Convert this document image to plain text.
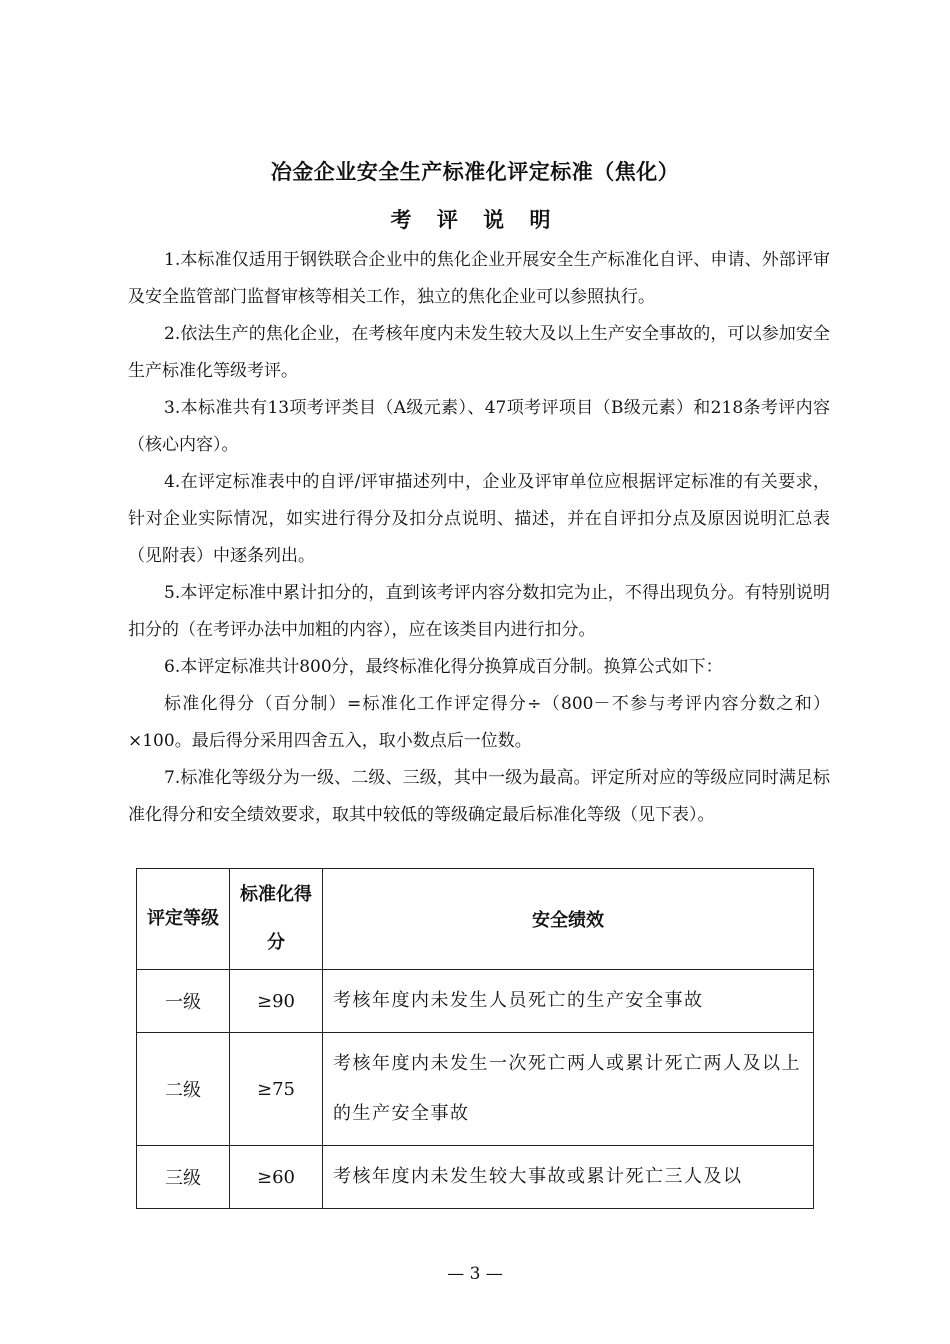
冶金企业安全生产标准化评定标准（焦化）
考 评 说 明

1.本标准仅适用于钢铁联合企业中的焦化企业开展安全生产标准化自评、申请、外部评审及安全监管部门监督审核等相关工作，独立的焦化企业可以参照执行。

2.依法生产的焦化企业，在考核年度内未发生较大及以上生产安全事故的，可以参加安全生产标准化等级考评。

3.本标准共有13项考评类目（A级元素）、47项考评项目（B级元素）和218条考评内容（核心内容）。

4.在评定标准表中的自评/评审描述列中，企业及评审单位应根据评定标准的有关要求，针对企业实际情况，如实进行得分及扣分点说明、描述，并在自评扣分点及原因说明汇总表（见附表）中逐条列出。

5.本评定标准中累计扣分的，直到该考评内容分数扣完为止，不得出现负分。有特别说明扣分的（在考评办法中加粗的内容），应在该类目内进行扣分。

6.本评定标准共计800分，最终标准化得分换算成百分制。换算公式如下：

标准化得分（百分制）=标准化工作评定得分÷（800－不参与考评内容分数之和）×100。最后得分采用四舍五入，取小数点后一位数。

7.标准化等级分为一级、二级、三级，其中一级为最高。评定所对应的等级应同时满足标准化得分和安全绩效要求，取其中较低的等级确定最后标准化等级（见下表）。

评定等级	标准化得分	安全绩效
一级	≥90	考核年度内未发生人员死亡的生产安全事故
二级	≥75	考核年度内未发生一次死亡两人或累计死亡两人及以上的生产安全事故
三级	≥60	考核年度内未发生较大事故或累计死亡三人及以
— 3 —
